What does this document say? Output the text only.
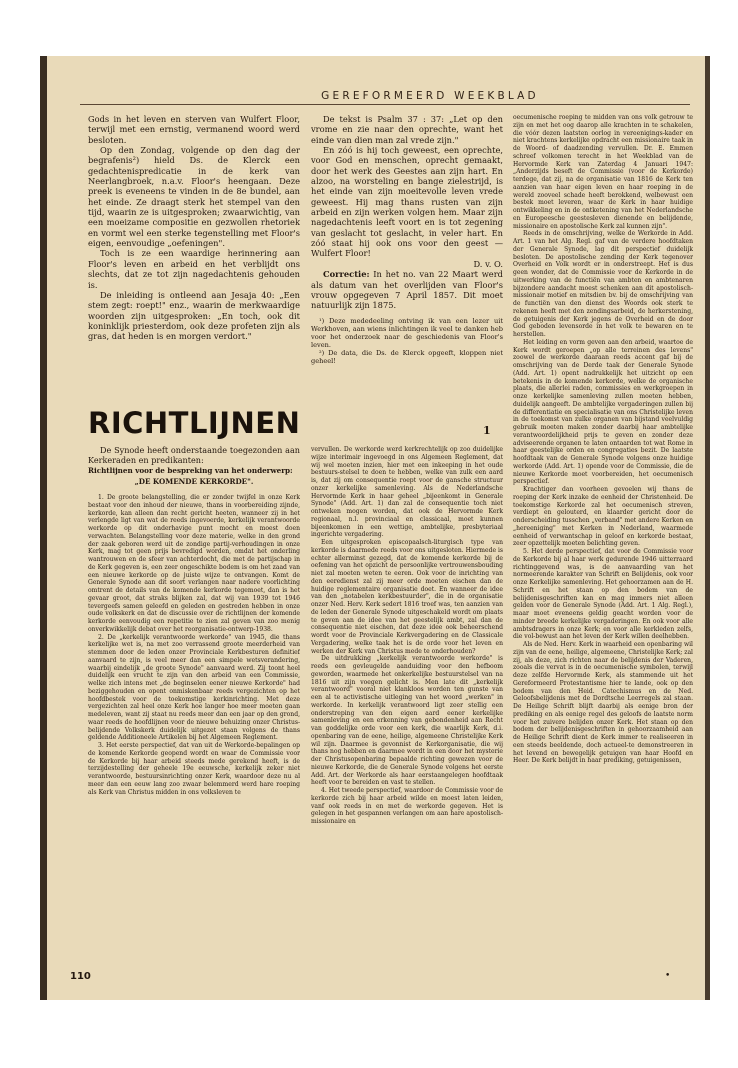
GEREFORMEERD WEEKBLAD

Gods in het leven en sterven van Wulfert Floor, terwijl met een ernstig, vermanend woord werd besloten.

Op den Zondag, volgende op den dag der begrafenis²) hield Ds. de Klerck een gedachtenispredicatie in de kerk van Neerlangbroek, n.a.v. Floor's heengaan. Deze preek is eveneens te vinden in de 8e bundel, aan het einde. Ze draagt sterk het stempel van den tijd, waarin ze is uitgesproken; zwaarwichtig, van een moeizame compositie en gezwollen rhetoriek en vormt wel een sterke tegenstelling met Floor's eigen, eenvoudige „oefeningen".

Toch is ze een waardige herinnering aan Floor's leven en arbeid en het verblijdt ons slechts, dat ze tot zijn nagedachtenis gehouden is.

De inleiding is ontleend aan Jesaja 40: „Een stem zegt: roept!" enz., waarin de merkwaardige woorden zijn uitgesproken: „En toch, ook dit koninklijk priesterdom, ook deze profeten zijn als gras, dat heden is en morgen verdort."

De tekst is Psalm 37 : 37: „Let op den vrome en zie naar den oprechte, want het einde van dien man zal vrede zijn."

En zóó is hij toch geweest, een oprechte, voor God en menschen, oprecht gemaakt, door het werk des Geestes aan zijn hart. En alzoo, na worsteling en bange zielestrijd, is het einde van zijn moeitevolle leven vrede geweest. Hij mag thans rusten van zijn arbeid en zijn werken volgen hem. Maar zijn nagedachtenis leeft voort en is tot zegening van geslacht tot geslacht, in veler hart. En zóó staat hij ook ons voor den geest — Wulfert Floor!

D. v. O.

Correctie: In het no. van 22 Maart werd als datum van het overlijden van Floor's vrouw opgegeven 7 April 1857. Dit moet natuurlijk zijn 1875.

¹) Deze mededeeling ontving ik van een lezer uit Werkhoven, aan wiens inlichtingen ik veel te danken heb voor het onderzoek naar de geschiedenis van Floor's leven.

²) De data, die Ds. de Klerck opgeeft, kloppen niet geheel!

oecumenische roeping te midden van ons volk getrouw te zijn en met het oog daarop alle krachten in te schakelen, die vóór dezen laatsten oorlog in vereenigings-kader en niet krachtens kerkelijke opdracht een missionaire taak in de Woord- of daadzending vervullen. Dr. E. Emmen schreef volkomen terecht in het Weekblad van de Hervormde Kerk van Zaterdag 4 Januari 1947: „Anderzijds beseft de Commissie (voor de Kerkorde) terdege, dat zij, na de organisatie van 1816 de Kerk ten aanzien van haar eigen leven en haar roeping in de wereld zooveel schade heeft berokkend, welbewust een bestek moet leveren, waar de Kerk in haar huidige ontwikkeling en in de ontketening van het Nederlandsche en Europeesche geestesleven dienende en belijdende, missionaire en apostolische Kerk zal kunnen zijn".

Reeds in de omschrijving, welke de Werkorde in Add. Art. 1 van het Alg. Regl. gaf van de verdere hoofdtaken der Generale Synode, lag dit perspectief duidelijk besloten. De apostolische zending der Kerk tegenover Overheid en Volk wordt er in onderstreept. Het is dus geen wonder, dat de Commissie voor de Kerkorde in de uitwerking van de functiën van ambten en ambtenaren bijzondere aandacht moest schenken aan dit apostolisch-missionair motief en mitsdien bv. bij de omschrijving van de functiën van den dienst des Woords ook sterk te rekenen heeft met den zendingsarbeid, de herkerstening, de getuigenis der Kerk jegens de Overheid en de door God geboden levensorde in het volk te bewaren en te herstellen.

Het leiding en vorm geven aan den arbeid, waartoe de Kerk wordt geroepen „op alle terreinen des levens" zoowel de werkorde daaraan reeds accent gaf bij de omschrijving van de Derde taak der Generale Synode (Add. Art. 1) opent nadrukkelijk het uitzicht op een betekenis in de komende kerkorde, welke de organische plaats, die allerlei raden, commissies en werkgroepen in onze kerkelijke samenleving zullen moeten hebben, duidelijk aangeeft. De ambtelijke vergaderingen zullen bij de differentiatie en specialisatie van ons Christelijke leven in de toekomst van zulke organen van bijstand veelvuldig gebruik moeten maken zonder daarbij haar ambtelijke verantwoordelijkheid prijs te geven en zonder deze adviseerende organen te laten ontaarden tot wat Rome in haar geestelijke orden en congregaties bezit. De laatste hoofdtaak van de Generale Synode volgens onze huidige werkorde (Add. Art. 1) opende voor de Commissie, die de nieuwe Kerkorde moet voorbereiden, het oecumenisch perspectief.

Krachtiger dan voorheen gevoelen wij thans de roeping der Kerk inzake de eenheid der Christenheid. De toekomstige Kerkorde zal het oecumenisch streven, verdiept en gelouterd, en klaarder gericht door de onderscheiding tusschen „verband" met andere Kerken en „hereeniging" met Kerken in Nederland, waarmede eenheid of verwantschap in geloof en kerkorde bestaat, zeer opzettelijk moeten belichting geven.

5. Het derde perspectief, dat voor de Commissie voor de Kerkorde bij al haar werk gedurende 1946 uitterraard richtinggevend was, is de aanvaarding van het normeerende karakter van Schrift en Belijdenis, ook voor onze Kerkelijke samenleving. Het gehoorzamen aan de H. Schrift en het staan op den bodem van de belijdenisgeschriften kan en mag immers niet alleen gelden voor de Generale Synode (Add. Art. 1 Alg. Regl.), maar moet eveneens geldig geacht worden voor de minder breede kerkelijke vergaderingen. En ook voor alle ambtsdragers in onze Kerk; en voor alle kerkleden zelfs, die vol-bewust aan het leven der Kerk willen deelhebben.

Als de Ned. Herv. Kerk in waarheid een openbaring wil zijn van de eene, heilige, algemeene, Christelijke Kerk; zal zij, als deze, zich richten naar de belijdenis der Vaderen, zooals die vervat is in de oecumenische symbolen, terwijl deze zelfde Hervormde Kerk, als stammende uit het Gereformeerd Protestantisme hier te lande, ook op den bodem van den Heid. Catechismus en de Ned. Geloofsbelijdenis met de Dordtsche Leerregels zal staan. De Heilige Schrift blijft daarbij als eenige bron der prediking en als eenige regel des geloofs de laatste norm voor het zuivere belijden onzer Kerk. Het staan op den bodem der belijdenisgeschriften in gehoorzaamheid aan de Heilige Schrift dient de Kerk immer te realiseeren in een steeds beeldende, doch actueel-te demonstreeren in het levend en bewegelijk getuigen van haar Hoofd en Heer. De Kerk belijdt in haar prediking, getuigenissen,

RICHTLIJNEN	1

De Synode heeft onderstaande toegezonden aan Kerkeraden en predikanten:

Richtlijnen voor de bespreking van het onderwerp:
„DE KOMENDE KERKORDE".

1. De groote belangstelling, die er zonder twijfel in onze Kerk bestaat voor den inhoud der nieuwe, thans in voorbereiding zijnde, kerkorde, kan alleen dan recht gericht heeten, wanneer zij in het verlengde ligt van wat de reeds ingevoerde, kerkelijk verantwoorde werkorde op dit onderhavige punt mocht en moest doen verwachten. Belangstelling voor deze materie, welke in den grond der zaak geboren werd uit de zondige partij-verhoudingen in onze Kerk, mag tot geen prijs bevredigd worden, omdat het onderling wantrouwen en de sfeer van achterdocht, die met de partijschap in de Kerk gegeven is, een zeer ongeschikte bodem is om het zaad van een nieuwe kerkorde op de juiste wijze te ontvangen. Komt de Generale Synode aan dit soort verlangen naar nadere voorlichting omtrent de details van de komende kerkorde tegemoet, dan is het gevaar groot, dat straks blijken zal, dat wij van 1939 tot 1946 tevergeefs samen geleefd en geleden en gestreden hebben in onze oude volkskerk en dat de discussie over de richtlijnen der komende kerkorde eenvoudig een repetitie te zien zal geven van zoo menig onverkwikkelijk debat over het reorganisatie-ontwerp-1938.

2. De „kerkelijk verantwoorde werkorde" van 1945, die thans kerkelijke wet is, na met zoo verrassend groote meerderheid van stemmen door de leden onzer Provinciale Kerkbesturen definitief aanvaard te zijn, is veel meer dan een simpele wetsverandering, waarbij eindelijk „de groote Synode" aanvaard werd. Zij toont heel duidelijk een vrucht te zijn van den arbeid van een Commissie, welke zich intens met „de beginselen eener nieuwe Kerkorde" had beziggehouden en opent onmiskenbaar reeds vergezichten op het hoofdbestek voor de toekomstige kerkinrichting. Met deze vergezichten zal heel onze Kerk hoe langer hoe meer moeten gaan medeleven, want zij staat nu reeds meer dan een jaar op den grond, waar reeds de hoofdlijnen voor de nieuwe behuizing onzer Christus-belijdende Volkskerk duidelijk uitgezet staan volgens de thans geldende Additioneele Artikelen bij het Algemeen Reglement.

3. Het eerste perspectief, dat van uit de Werkorde-bepalingen op de komende Kerkorde geopend wordt en waar de Commissie voor de Kerkorde bij haar arbeid steeds mede gerekend heeft, is de terzijdestelling der geheele 19e eeuwsche, kerkelijk zeker niet verantwoorde, bestuursinrichting onzer Kerk, waardoor deze nu al meer dan een eeuw lang zoo zwaar belemmerd werd hare roeping als Kerk van Christus midden in ons volksleven te

vervullen. De werkorde werd kerkrechtelijk op zoo duidelijke wijze interimair ingevoegd in ons Algemeen Reglement, dat wij wel moeten inzien, hier met een inkeeping in het oude bestuurs-stelsel te doen te hebben, welke van zulk een aard is, dat zij om consequentie roept voor de gansche structuur onzer kerkelijke samenleving. Als de Nederlandsche Hervormde Kerk in haar geheel „bijeenkomt in Generale Synode" (Add. Art. 1) dan zal de consequentie toch niet ontweken mogen worden, dat ook de Hervormde Kerk regionaal, n.l. provinciaal en classicaal, moet kunnen bijeenkomen in een wettige, ambtelijke, presbyteriaal ingerichte vergadering.

Een uitgesproken episcopaalsch-liturgisch type van kerkorde is daarmede reeds voor ons uitgesloten. Hiermede is echter allerminst gezegd, dat de komende kerkorde bij de oefening van het opzicht de persoonlijke vertrouwensbouding niet zal moeten weten te eeren. Ook voor de inrichting van den eeredienst zal zij meer orde moeten eischen dan de huidige reglementaire organisatie doet. En wanneer de idee van den „notabelen kerkbestuurder", die in de organisatie onzer Ned. Herv. Kerk sedert 1816 troef was, ten aanzien van de leden der Generale Synode uitgeschakeld wordt om plaats te geven aan de idee van het geestelijk ambt, zal dan de consequentie niet eischen, dat deze idee ook beheerschend wordt voor de Provinciale Kerkvergadering en de Classicale Vergadering, welke taak het is de orde voor het leven en werken der Kerk van Christus mede te onderhouden?

De uitdrukking „kerkelijk verantwoorde werkorde" is reeds een gevleugelde aanduiding voor den hefboom geworden, waarmede het onkerkelijke bestuurstelsel van na 1816 uit zijn voegen gelicht is. Men late dit „kerkelijk verantwoord" vooral niet klankloos worden ten gunste van een al te activistische uitleging van het woord „werken" in werkorde. In kerkelijk verantwoord ligt zeer stellig een onderstreping van den eigen aard eener kerkelijke samenleving en een erkenning van gebondenheid aan Recht van goddelijke orde voor een kerk, die waarlijk Kerk, d.i. openbaring van de eene, heilige, algemeene Christelijke Kerk wil zijn. Daarmee is gevonnist de Kerkorganisatie, die wij thans nog hebben en daarmee wordt in een door het mysterie der Christusopenbaring bepaalde richting gewezen voor de nieuwe Kerkorde, die de Generale Synode volgens het eerste Add. Art. der Werkorde als haar eerstaangelegen hoofdtaak heeft voor te bereiden en vast te stellen.

4. Het tweede perspectief, waardoor de Commissie voor de kerkorde zich bij haar arbeid wilde en moest laten leiden, vanf ook reeds in en met de werkorde gegeven. Het is gelegen in het gespannen verlangen om aan hare apostolisch-missionaire en

110	•
